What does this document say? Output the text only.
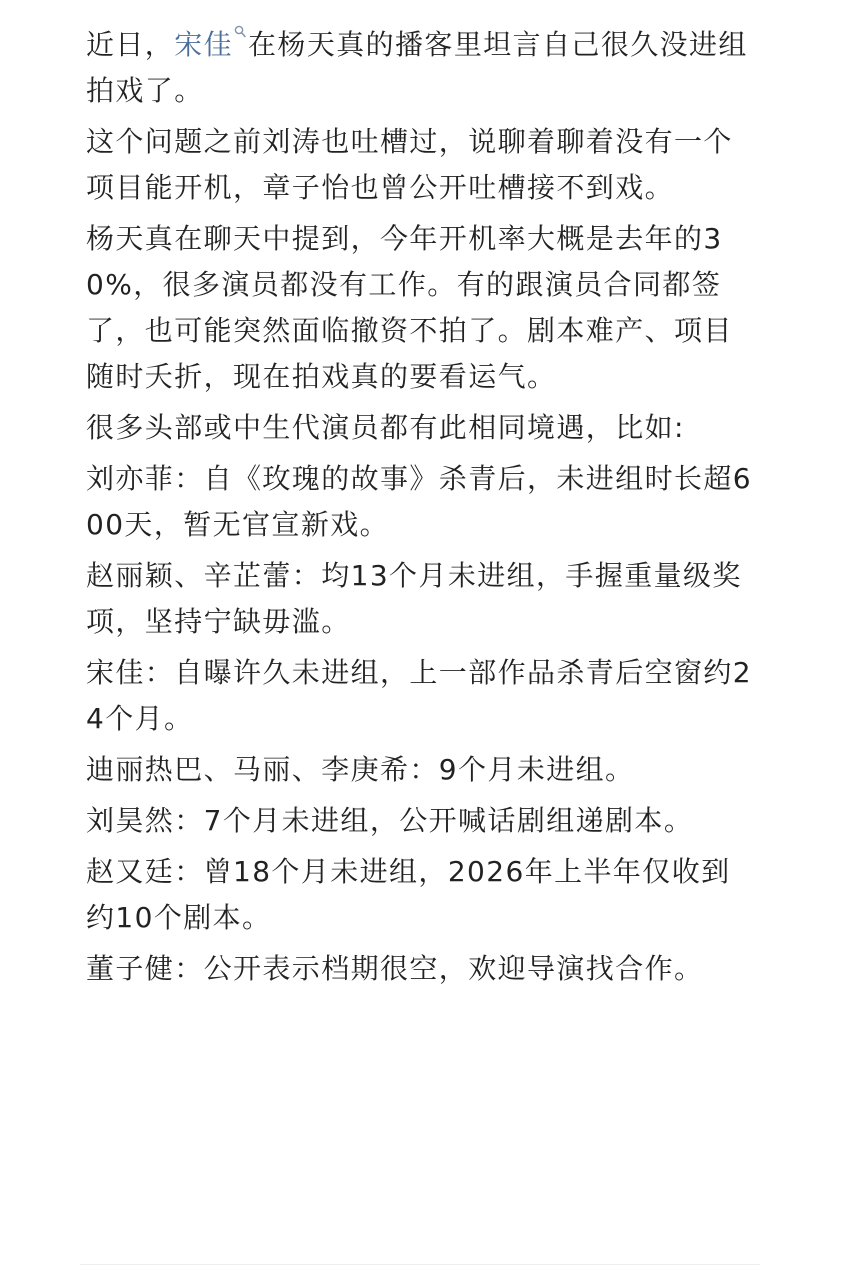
近日，宋佳 在杨天真的播客里坦言自己很久没进组拍戏了。

这个问题之前刘涛也吐槽过，说聊着聊着没有一个项目能开机，章子怡也曾公开吐槽接不到戏。

杨天真在聊天中提到，今年开机率大概是去年的30%，很多演员都没有工作。有的跟演员合同都签了，也可能突然面临撤资不拍了。剧本难产、项目随时夭折，现在拍戏真的要看运气。

很多头部或中生代演员都有此相同境遇，比如:

刘亦菲：自《玫瑰的故事》杀青后，未进组时长超600天，暂无官宣新戏。

赵丽颖、辛芷蕾：均13个月未进组，手握重量级奖项，坚持宁缺毋滥。

宋佳：自曝许久未进组，上一部作品杀青后空窗约24个月。

迪丽热巴、马丽、李庚希：9个月未进组。

刘昊然：7个月未进组，公开喊话剧组递剧本。

赵又廷：曾18个月未进组，2026年上半年仅收到约10个剧本。

董子健：公开表示档期很空，欢迎导演找合作。
